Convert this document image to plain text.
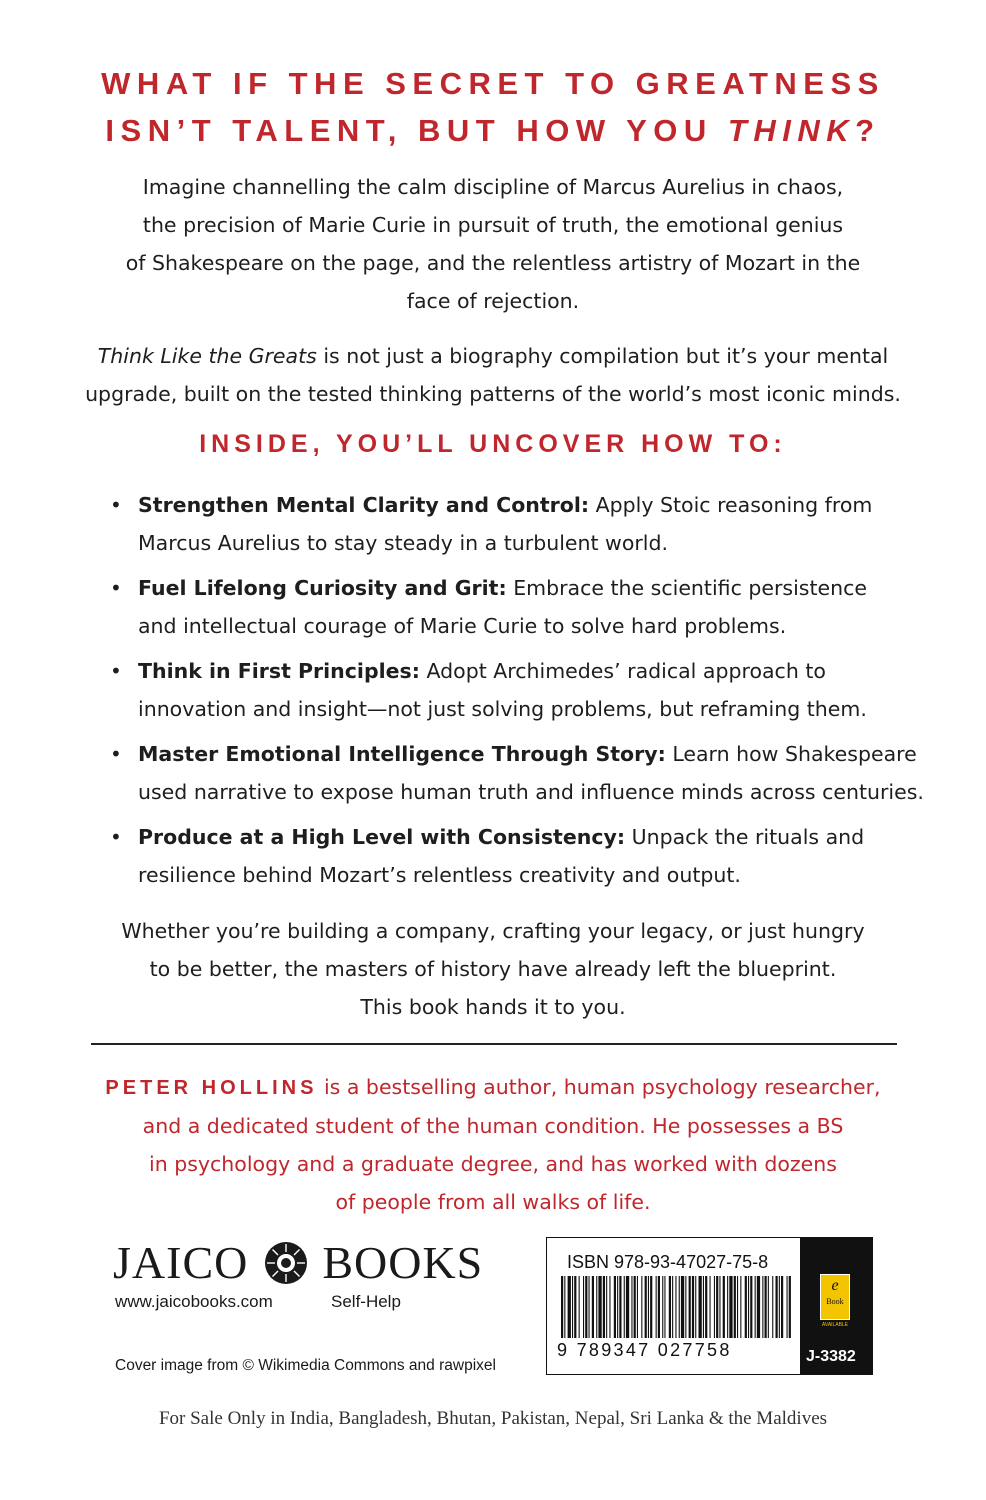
WHAT IF THE SECRET TO GREATNESS
ISN’T TALENT, BUT HOW YOU THINK?
Imagine channelling the calm discipline of Marcus Aurelius in chaos,
the precision of Marie Curie in pursuit of truth, the emotional genius
of Shakespeare on the page, and the relentless artistry of Mozart in the
face of rejection.
Think Like the Greats is not just a biography compilation but it’s your mental
upgrade, built on the tested thinking patterns of the world’s most iconic minds.
INSIDE, YOU’LL UNCOVER HOW TO:
• Strengthen Mental Clarity and Control: Apply Stoic reasoning from
Marcus Aurelius to stay steady in a turbulent world.
• Fuel Lifelong Curiosity and Grit: Embrace the scientific persistence
and intellectual courage of Marie Curie to solve hard problems.
• Think in First Principles: Adopt Archimedes’ radical approach to
innovation and insight—not just solving problems, but reframing them.
• Master Emotional Intelligence Through Story: Learn how Shakespeare
used narrative to expose human truth and influence minds across centuries.
• Produce at a High Level with Consistency: Unpack the rituals and
resilience behind Mozart’s relentless creativity and output.
Whether you’re building a company, crafting your legacy, or just hungry
to be better, the masters of history have already left the blueprint.
This book hands it to you.
PETER HOLLINS is a bestselling author, human psychology researcher,
and a dedicated student of the human condition. He possesses a BS
in psychology and a graduate degree, and has worked with dozens
of people from all walks of life.
JAICO BOOKS
www.jaicobooks.com	Self-Help
Cover image from © Wikimedia Commons and rawpixel
ISBN 978-93-47027-75-8
9 789347 027758
e
Book
AVAILABLE
J-3382
For Sale Only in India, Bangladesh, Bhutan, Pakistan, Nepal, Sri Lanka & the Maldives
